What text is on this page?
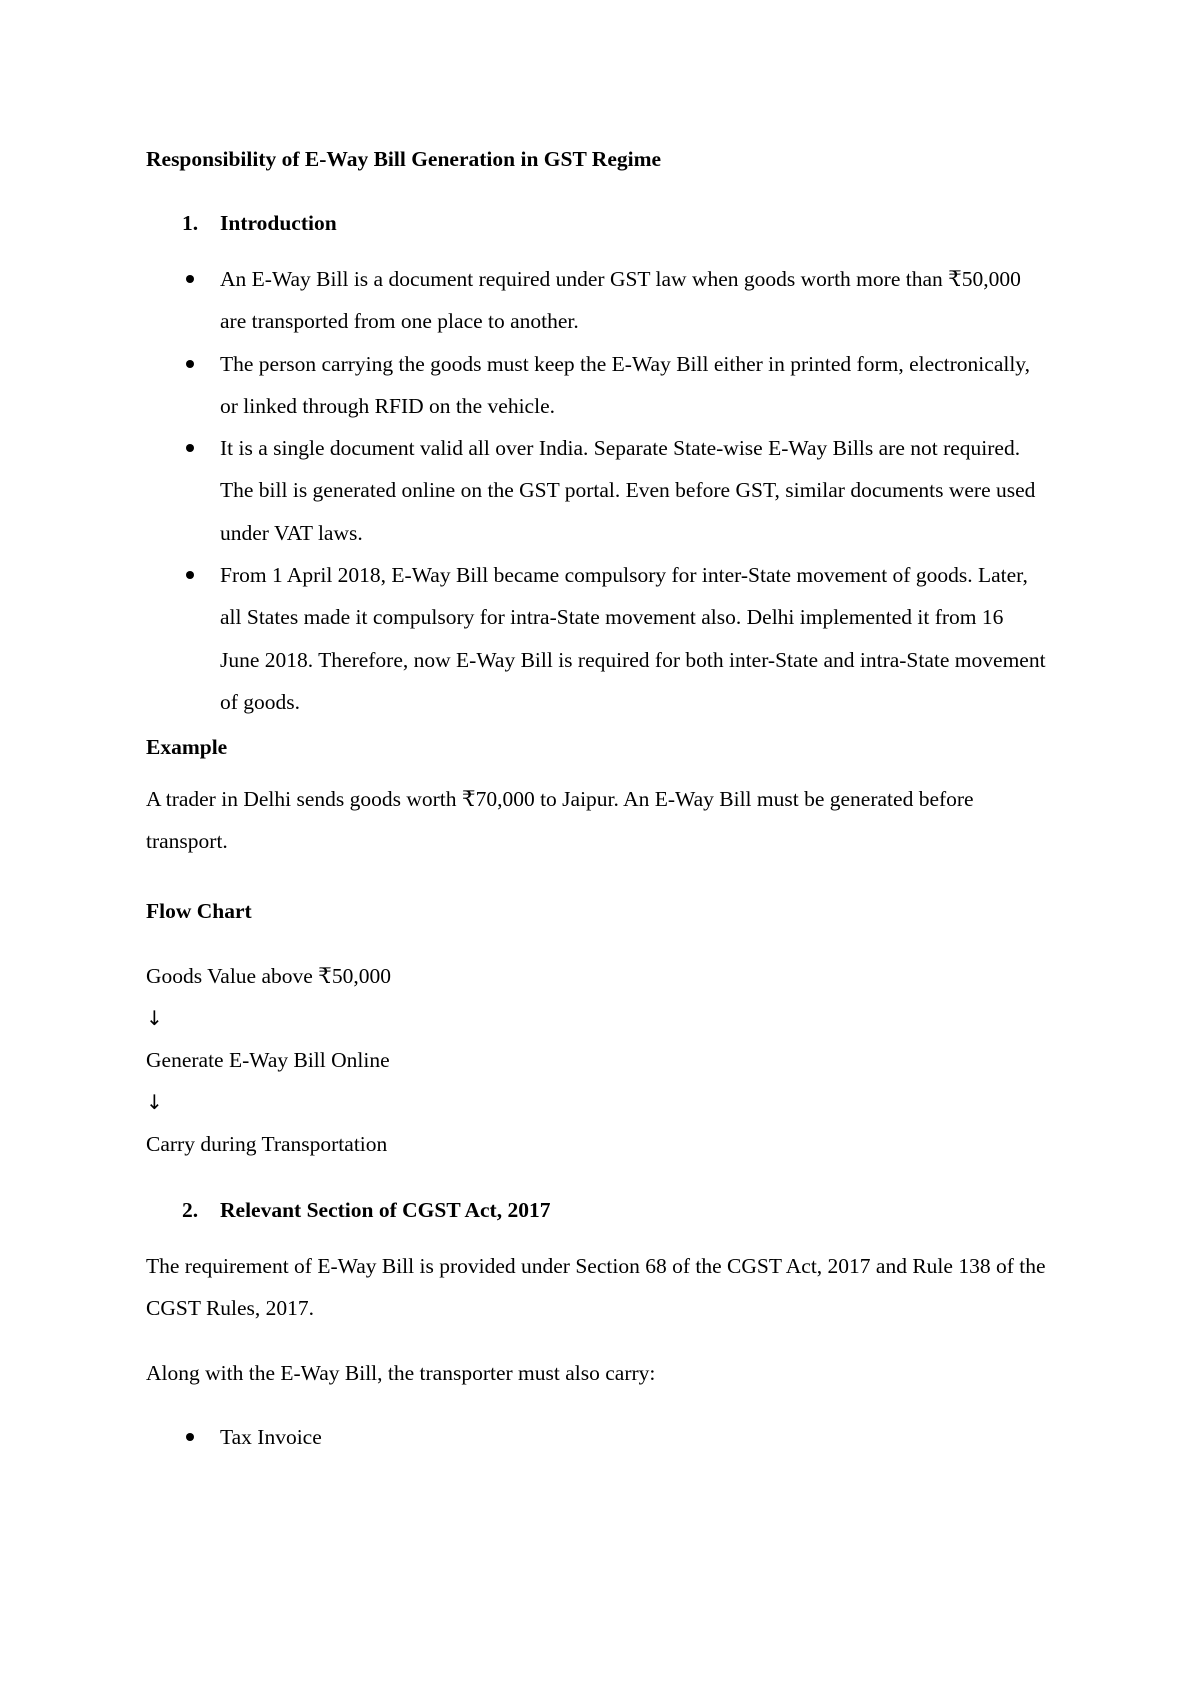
Responsibility of E-Way Bill Generation in GST Regime
1. Introduction
An E-Way Bill is a document required under GST law when goods worth more than ₹50,000 are transported from one place to another.
The person carrying the goods must keep the E-Way Bill either in printed form, electronically, or linked through RFID on the vehicle.
It is a single document valid all over India. Separate State-wise E-Way Bills are not required. The bill is generated online on the GST portal. Even before GST, similar documents were used under VAT laws.
From 1 April 2018, E-Way Bill became compulsory for inter-State movement of goods. Later, all States made it compulsory for intra-State movement also. Delhi implemented it from 16 June 2018. Therefore, now E-Way Bill is required for both inter-State and intra-State movement of goods.
Example

A trader in Delhi sends goods worth ₹70,000 to Jaipur. An E-Way Bill must be generated before transport.

Flow Chart
Goods Value above ₹50,000
↓
Generate E-Way Bill Online
↓
Carry during Transportation
2. Relevant Section of CGST Act, 2017

The requirement of E-Way Bill is provided under Section 68 of the CGST Act, 2017 and Rule 138 of the CGST Rules, 2017.

Along with the E-Way Bill, the transporter must also carry:

Tax Invoice
